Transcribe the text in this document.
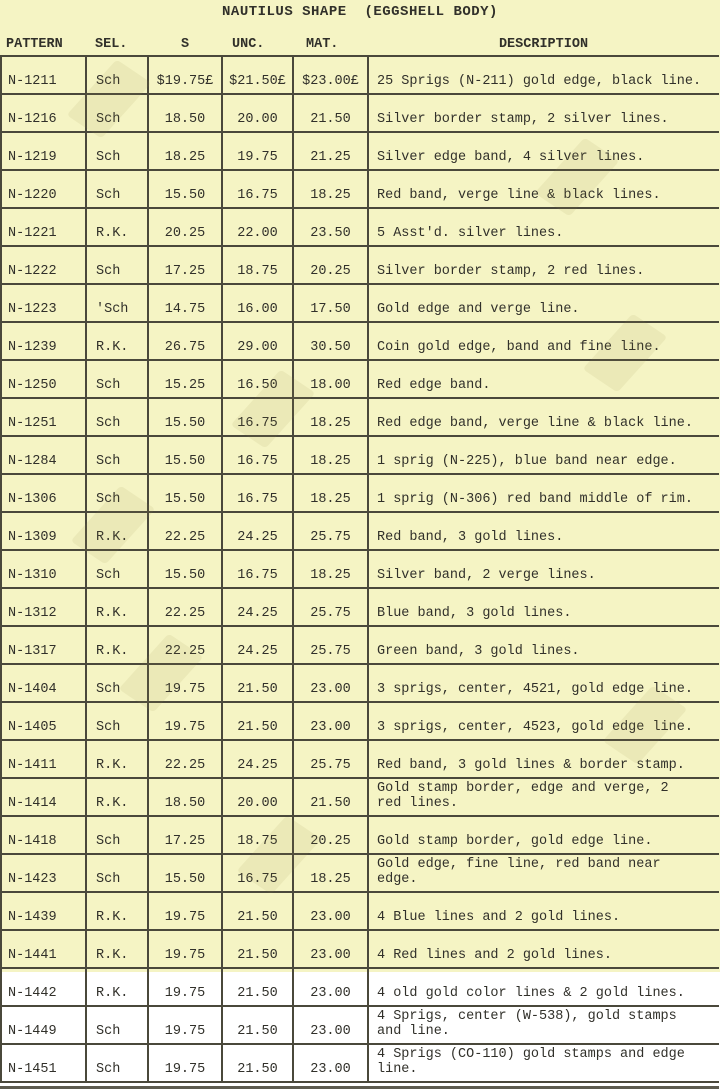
NAUTILUS SHAPE  (EGGSHELL BODY)
PATTERN	SEL.	S	UNC.	MAT.	DESCRIPTION
N-1211	Sch	$19.75£	$21.50£	$23.00£	25 Sprigs (N-211) gold edge, black line.
N-1216	Sch	18.50	20.00	21.50	Silver border stamp, 2 silver lines.
N-1219	Sch	18.25	19.75	21.25	Silver edge band, 4 silver lines.
N-1220	Sch	15.50	16.75	18.25	Red band, verge line & black lines.
N-1221	R.K.	20.25	22.00	23.50	5 Asst'd. silver lines.
N-1222	Sch	17.25	18.75	20.25	Silver border stamp, 2 red lines.
N-1223	'Sch	14.75	16.00	17.50	Gold edge and verge line.
N-1239	R.K.	26.75	29.00	30.50	Coin gold edge, band and fine line.
N-1250	Sch	15.25	16.50	18.00	Red edge band.
N-1251	Sch	15.50	16.75	18.25	Red edge band, verge line & black line.
N-1284	Sch	15.50	16.75	18.25	1 sprig (N-225), blue band near edge.
N-1306	Sch	15.50	16.75	18.25	1 sprig (N-306) red band middle of rim.
N-1309	R.K.	22.25	24.25	25.75	Red band, 3 gold lines.
N-1310	Sch	15.50	16.75	18.25	Silver band, 2 verge lines.
N-1312	R.K.	22.25	24.25	25.75	Blue band, 3 gold lines.
N-1317	R.K.	22.25	24.25	25.75	Green band, 3 gold lines.
N-1404	Sch	19.75	21.50	23.00	3 sprigs, center, 4521, gold edge line.
N-1405	Sch	19.75	21.50	23.00	3 sprigs, center, 4523, gold edge line.
N-1411	R.K.	22.25	24.25	25.75	Red band, 3 gold lines & border stamp.
N-1414	R.K.	18.50	20.00	21.50	Gold stamp border, edge and verge, 2
red lines.
N-1418	Sch	17.25	18.75	20.25	Gold stamp border, gold edge line.
N-1423	Sch	15.50	16.75	18.25	Gold edge, fine line, red band near
edge.
N-1439	R.K.	19.75	21.50	23.00	4 Blue lines and 2 gold lines.
N-1441	R.K.	19.75	21.50	23.00	4 Red lines and 2 gold lines.
N-1442	R.K.	19.75	21.50	23.00	4 old gold color lines & 2 gold lines.
N-1449	Sch	19.75	21.50	23.00	4 Sprigs, center (W-538), gold stamps
and line.
N-1451	Sch	19.75	21.50	23.00	4 Sprigs (CO-110) gold stamps and edge
line.
